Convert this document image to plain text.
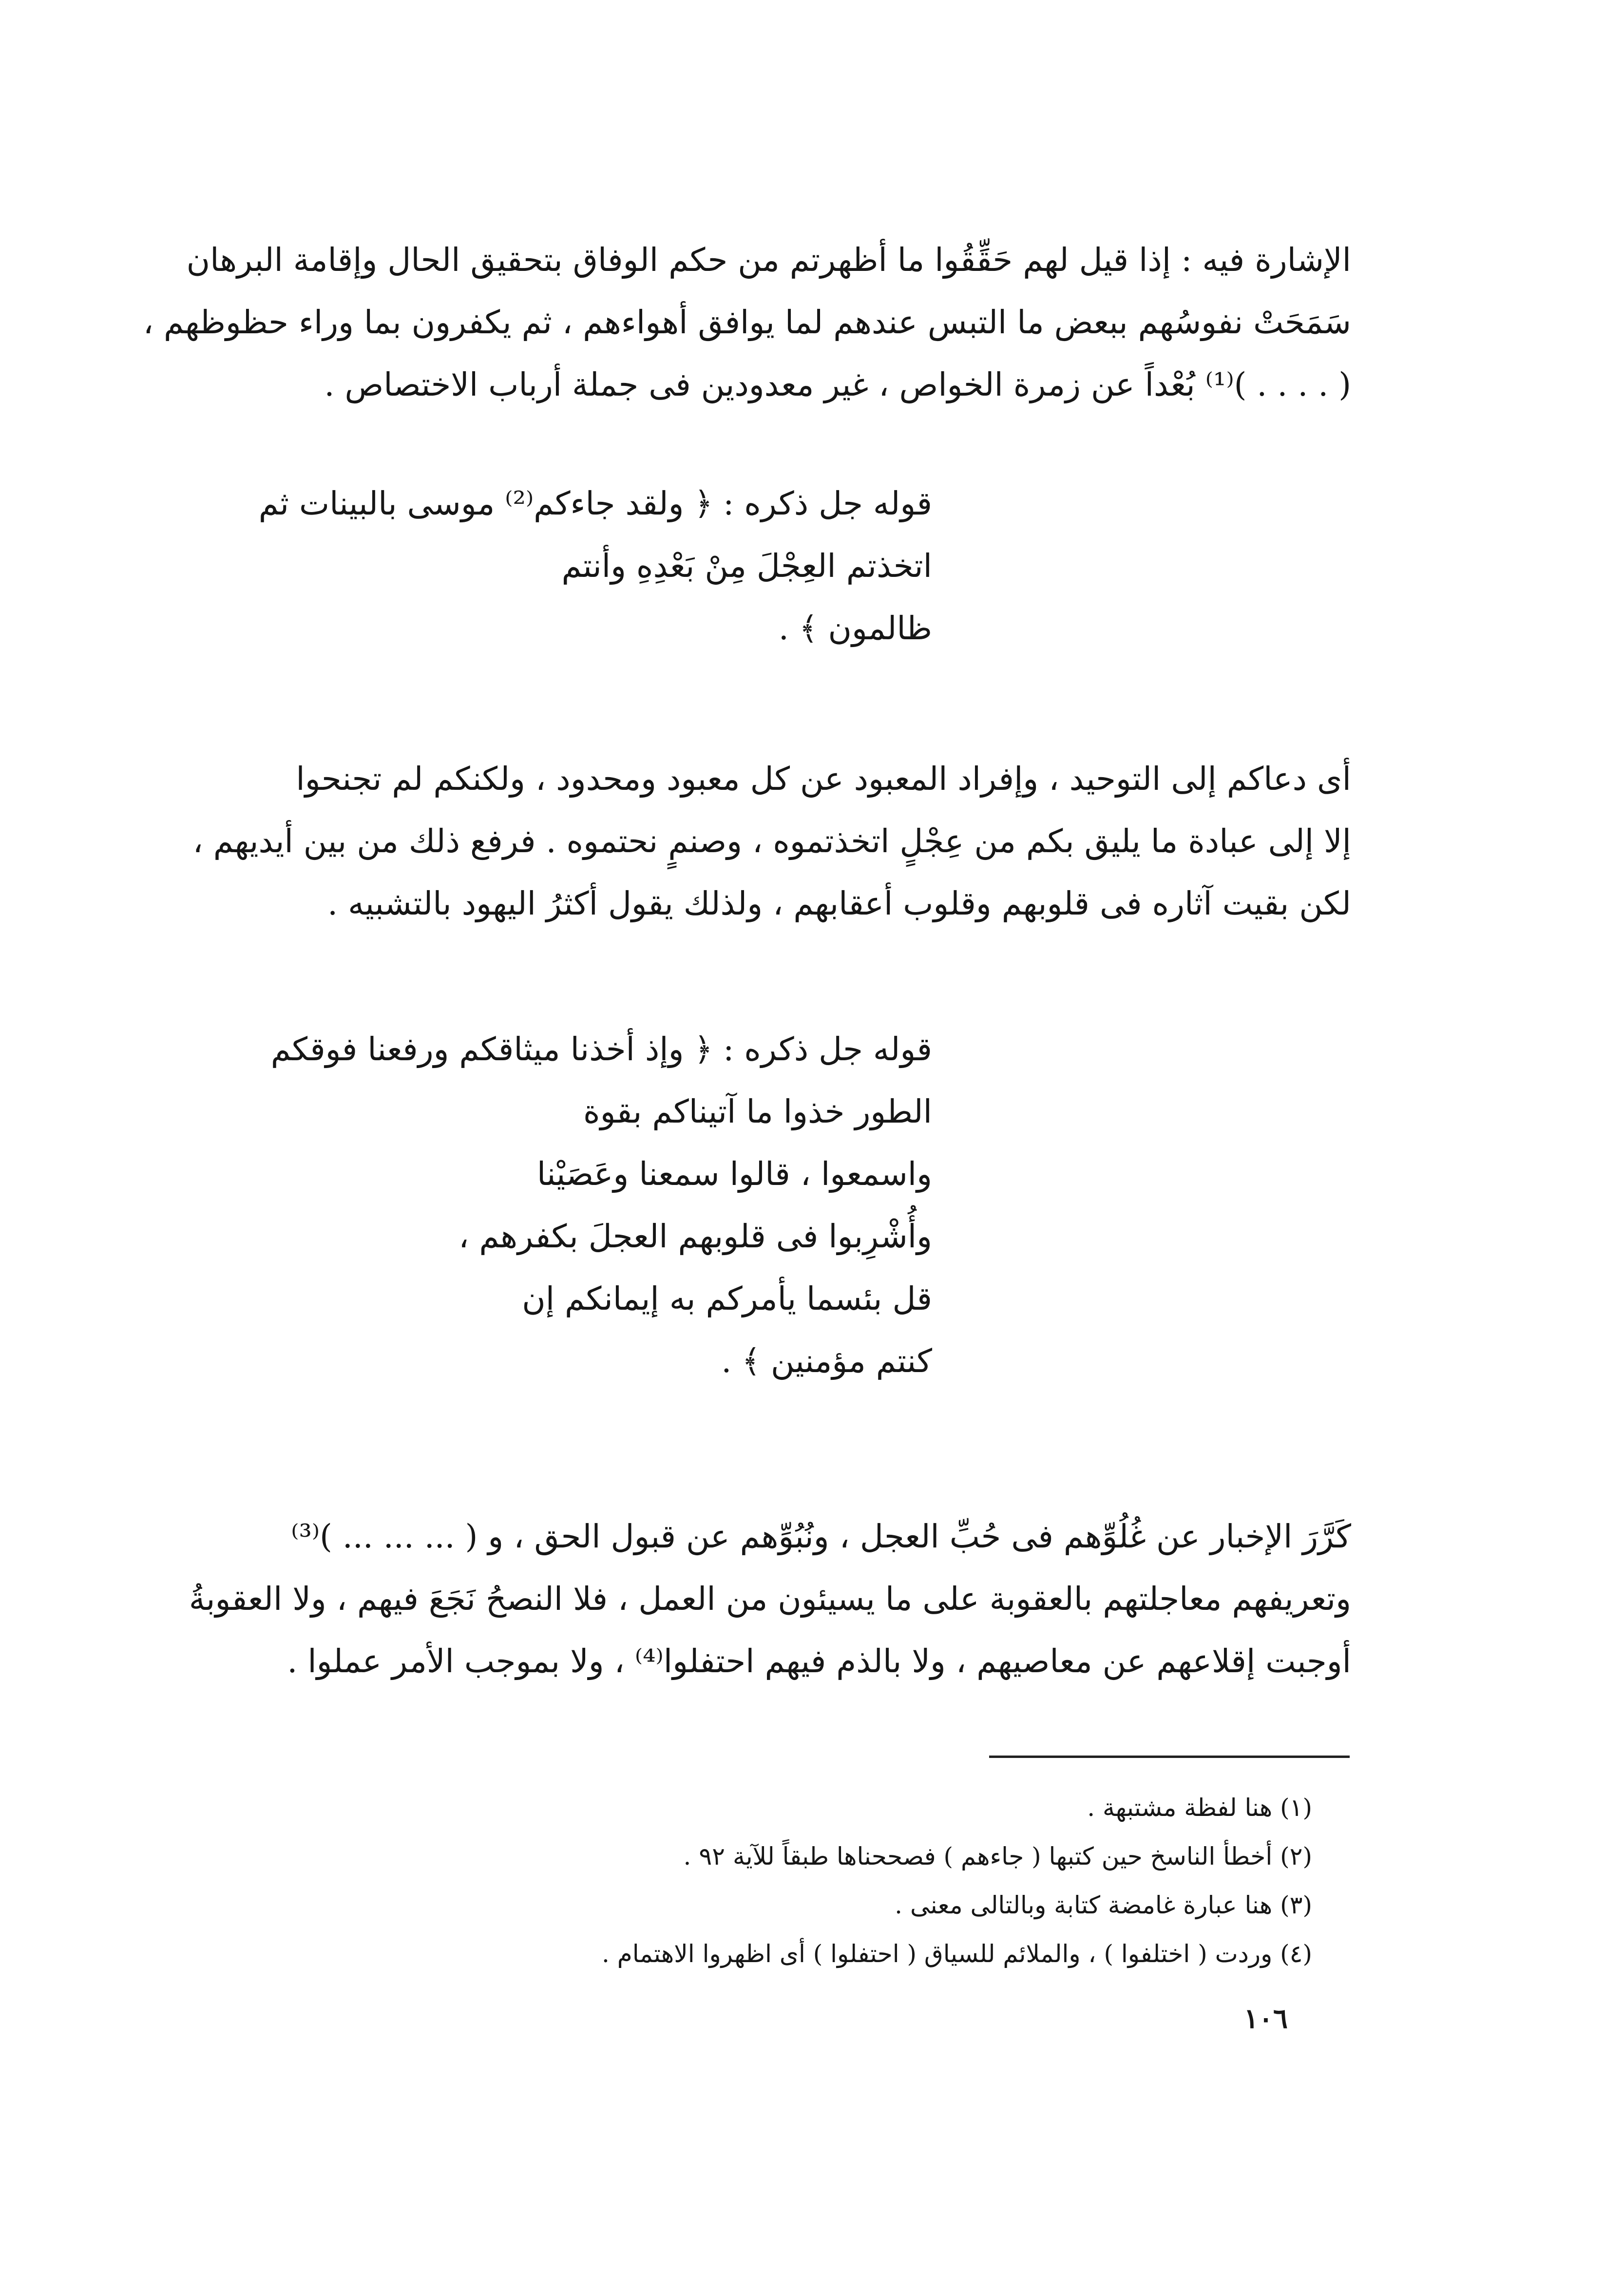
الإشارة فيه : إذا قيل لهم حَقِّقُوا ما أظهرتم من حكم الوفاق بتحقيق الحال وإقامة البرهان
سَمَحَتْ نفوسُهم ببعض ما التبس عندهم لما يوافق أهواءهم ، ثم يكفرون بما وراء حظوظهم ،
( . . . . )⁽¹⁾ بُعْداً عن زمرة الخواص ، غير معدودين فى جملة أرباب الاختصاص .

قوله جل ذكره : ﴿ ولقد جاءكم⁽²⁾ موسى بالبينات ثم
اتخذتم العِجْلَ مِنْ بَعْدِهِ وأنتم
ظالمون ﴾ .

أى دعاكم إلى التوحيد ، وإفراد المعبود عن كل معبود ومحدود ، ولكنكم لم تجنحوا
إلا إلى عبادة ما يليق بكم من عِجْلٍ اتخذتموه ، وصنمٍ نحتموه . فرفع ذلك من بين أيديهم ،
لكن بقيت آثاره فى قلوبهم وقلوب أعقابهم ، ولذلك يقول أكثرُ اليهود بالتشبيه .

قوله جل ذكره : ﴿ وإذ أخذنا ميثاقكم ورفعنا فوقكم
الطور خذوا ما آتيناكم بقوة
واسمعوا ، قالوا سمعنا وعَصَيْنا
وأُشْرِبوا فى قلوبهم العجلَ بكفرهم ،
قل بئسما يأمركم به إيمانكم إن
كنتم مؤمنين ﴾ .

كَرَّرَ الإخبار عن غُلُوِّهم فى حُبِّ العجل ، ونُبُوِّهم عن قبول الحق ، و ( ... ... ... )⁽³⁾
وتعريفهم معاجلتهم بالعقوبة على ما يسيئون من العمل ، فلا النصحُ نَجَعَ فيهم ، ولا العقوبةُ
أوجبت إقلاعهم عن معاصيهم ، ولا بالذم فيهم احتفلوا⁽⁴⁾ ، ولا بموجب الأمر عملوا .

(١) هنا لفظة مشتبهة .
(٢) أخطأ الناسخ حين كتبها ( جاءهم ) فصححناها طبقاً للآية ٩٢ .
(٣) هنا عبارة غامضة كتابة وبالتالى معنى .
(٤) وردت ( اختلفوا ) ، والملائم للسياق ( احتفلوا ) أى اظهروا الاهتمام .
١٠٦
